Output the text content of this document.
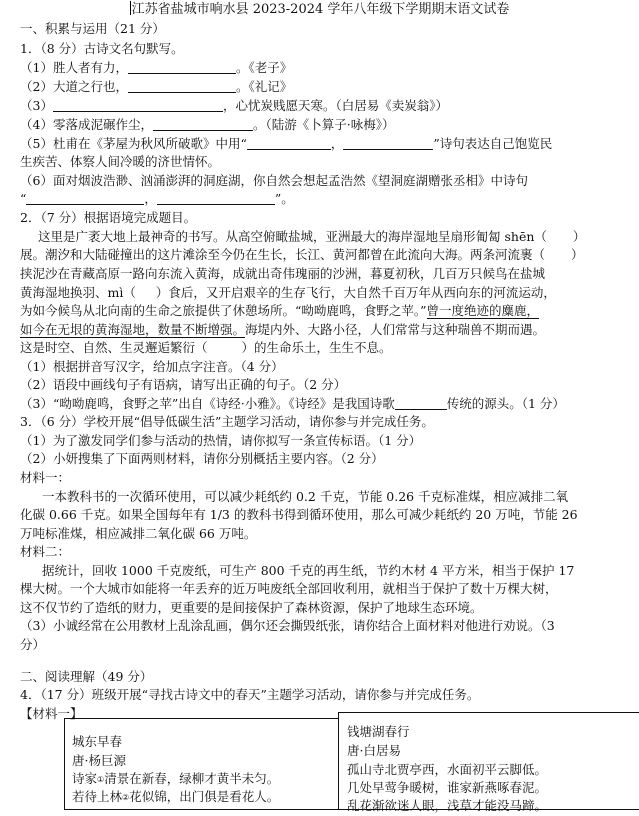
江苏省盐城市响水县 2023-2024 学年八年级下学期期末语文试卷
一、积累与运用（21 分）
1．（8 分）古诗文名句默写。
（1）胜人者有力，	。《老子》
（2）大道之行也，	。《礼记》
（3）	，心忧炭贱愿天寒。（白居易《卖炭翁》）
（4）零落成泥碾作尘，	。（陆游《卜算子·咏梅》）
（5）杜甫在《茅屋为秋风所破歌》中用“	，	”诗句表达自己饱览民
生疾苦、体察人间冷暖的济世情怀。
（6）面对烟波浩渺、汹涌澎湃的洞庭湖，你自然会想起孟浩然《望洞庭湖赠张丞相》中诗句
“	，	”。
2．（7 分）根据语境完成题目。
这里是广袤大地上最神奇的书写。从高空俯瞰盐城，亚洲最大的海岸湿地呈扇形匍匐 shēn（ ）
展。潮汐和大陆碰撞出的这片滩涂至今仍在生长，长江、黄河都曾在此流向大海。两条河流裹（ ）
挟泥沙在青藏高原一路向东流入黄海，成就出奇伟瑰丽的沙洲，暮夏初秋，几百万只候鸟在盐城
黄海湿地换羽、mì（ ）食后，又开启艰辛的生存飞行，大自然千百万年从西向东的河流运动，
为如今候鸟从北向南的生命之旅提供了休憩场所。“呦呦鹿鸣，食野之苹。”曾一度绝迹的麋鹿，
如今在无垠的黄海湿地，数量不断增强。海堤内外、大路小径，人们常常与这种瑞兽不期而遇。
这是时空、自然、生灵邂逅繁衍（	）的生命乐土，生生不息。
（1）根据拼音写汉字，给加点字注音。（4 分）
（2）语段中画线句子有语病，请写出正确的句子。（2 分）
（3）“呦呦鹿鸣，食野之苹”出自《诗经·小雅》。《诗经》是我国诗歌	传统的源头。（1 分）
3．（6 分）学校开展“倡导低碳生活”主题学习活动，请你参与并完成任务。
（1）为了激发同学们参与活动的热情，请你拟写一条宣传标语。（1 分）
（2）小妍搜集了下面两则材料，请你分别概括主要内容。（2 分）
材料一：
一本教科书的一次循环使用，可以减少耗纸约 0.2 千克，节能 0.26 千克标准煤，相应减排二氧
化碳 0.66 千克。如果全国每年有 1/3 的教科书得到循环使用，那么可减少耗纸约 20 万吨，节能 26
万吨标准煤，相应减排二氧化碳 66 万吨。
材料二：
据统计，回收 1000 千克废纸，可生产 800 千克的再生纸，节约木材 4 平方米，相当于保护 17
棵大树。一个大城市如能将一年丢弃的近万吨废纸全部回收利用，就相当于保护了数十万棵大树，
这不仅节约了造纸的财力，更重要的是间接保护了森林资源，保护了地球生态环境。
（3）小诚经常在公用教材上乱涂乱画，偶尔还会撕毁纸张，请你结合上面材料对他进行劝说。（3
分）
二、阅读理解（49 分）
4．（17 分）班级开展“寻找古诗文中的春天”主题学习活动，请你参与并完成任务。
【材料一】
城东早春
唐·杨巨源
诗家①清景在新春，绿柳才黄半未匀。
若待上林②花似锦，出门俱是看花人。
钱塘湖春行
唐·白居易
孤山寺北贾亭西，水面初平云脚低。
几处早莺争暖树，谁家新燕啄春泥。
乱花渐欲迷人眼，浅草才能没马蹄。
